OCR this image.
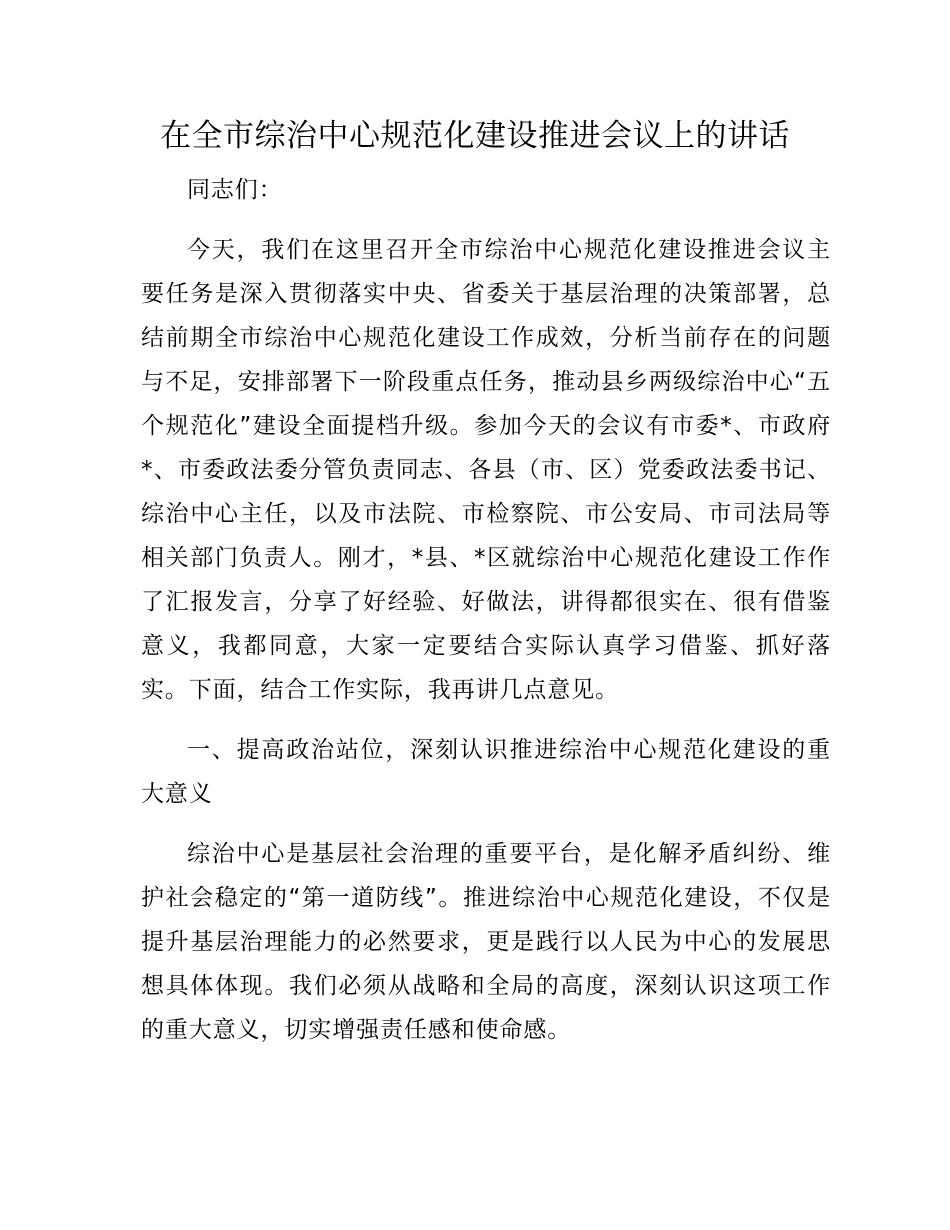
在全市综治中心规范化建设推进会议上的讲话

同志们：

今天，我们在这里召开全市综治中心规范化建设推进会议主要任务是深入贯彻落实中央、省委关于基层治理的决策部署，总结前期全市综治中心规范化建设工作成效，分析当前存在的问题与不足，安排部署下一阶段重点任务，推动县乡两级综治中心“五个规范化”建设全面提档升级。参加今天的会议有市委*、市政府*、市委政法委分管负责同志、各县（市、区）党委政法委书记、综治中心主任，以及市法院、市检察院、市公安局、市司法局等相关部门负责人。刚才，*县、*区就综治中心规范化建设工作作了汇报发言，分享了好经验、好做法，讲得都很实在、很有借鉴意义，我都同意，大家一定要结合实际认真学习借鉴、抓好落实。下面，结合工作实际，我再讲几点意见。

一、提高政治站位，深刻认识推进综治中心规范化建设的重大意义

综治中心是基层社会治理的重要平台，是化解矛盾纠纷、维护社会稳定的“第一道防线”。推进综治中心规范化建设，不仅是提升基层治理能力的必然要求，更是践行以人民为中心的发展思想具体体现。我们必须从战略和全局的高度，深刻认识这项工作的重大意义，切实增强责任感和使命感。
